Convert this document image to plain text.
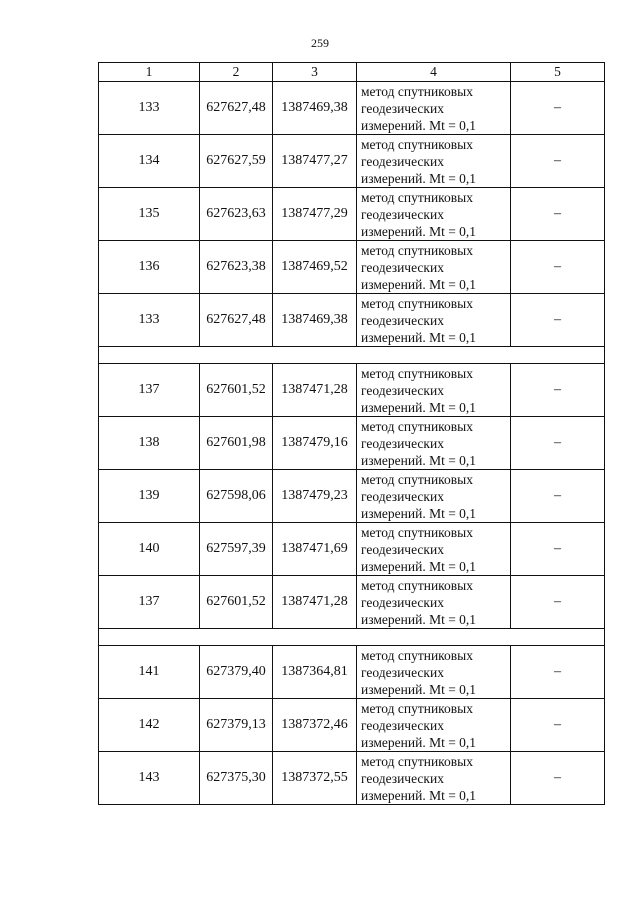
259
1	2	3	4	5
133	627627,48	1387469,38	метод спутниковых
геодезических
измерений. Mt = 0,1	–
134	627627,59	1387477,27	метод спутниковых
геодезических
измерений. Mt = 0,1	–
135	627623,63	1387477,29	метод спутниковых
геодезических
измерений. Mt = 0,1	–
136	627623,38	1387469,52	метод спутниковых
геодезических
измерений. Mt = 0,1	–
133	627627,48	1387469,38	метод спутниковых
геодезических
измерений. Mt = 0,1	–

137	627601,52	1387471,28	метод спутниковых
геодезических
измерений. Mt = 0,1	–
138	627601,98	1387479,16	метод спутниковых
геодезических
измерений. Mt = 0,1	–
139	627598,06	1387479,23	метод спутниковых
геодезических
измерений. Mt = 0,1	–
140	627597,39	1387471,69	метод спутниковых
геодезических
измерений. Mt = 0,1	–
137	627601,52	1387471,28	метод спутниковых
геодезических
измерений. Mt = 0,1	–

141	627379,40	1387364,81	метод спутниковых
геодезических
измерений. Mt = 0,1	–
142	627379,13	1387372,46	метод спутниковых
геодезических
измерений. Mt = 0,1	–
143	627375,30	1387372,55	метод спутниковых
геодезических
измерений. Mt = 0,1	–
